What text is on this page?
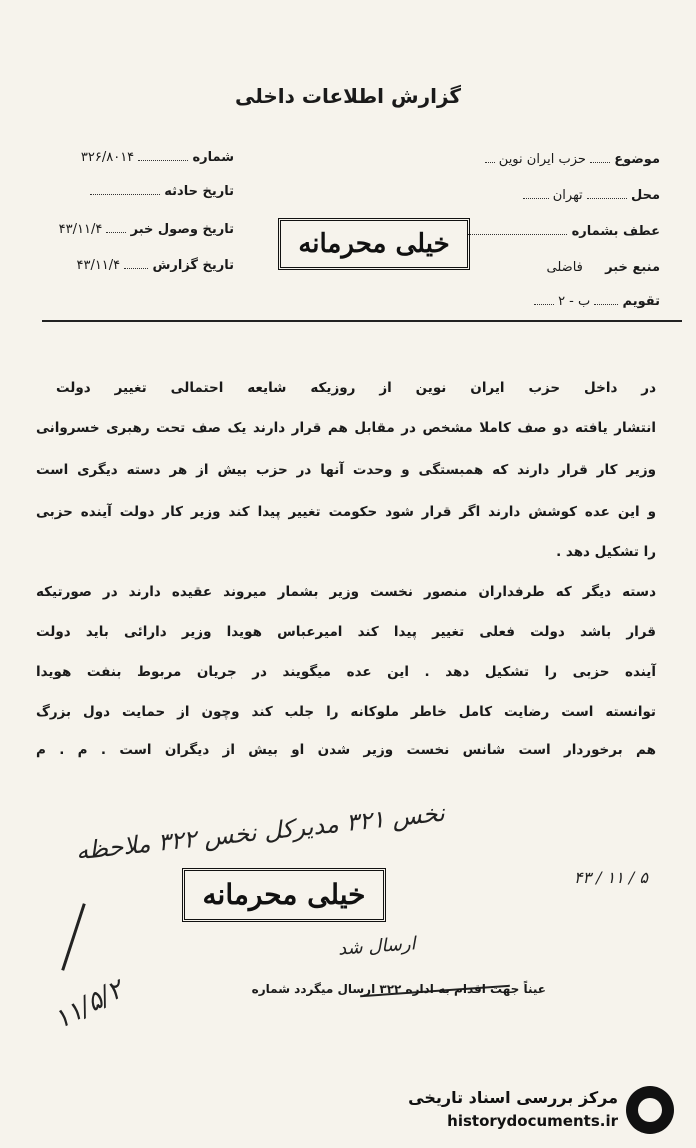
گزارش اطلاعات داخلی
موضوع  حزب ایران نوین
محل  تهران
عطف بشماره
منبع خبر  فاضلی
تقویم  ب - ۲
شماره  ۳۲۶/۸۰۱۴
تاریخ حادثه
تاریخ وصول خبر  ۴۳/۱۱/۴
تاریخ گزارش  ۴۳/۱۱/۴
خیلی محرمانه

در داخل حزب ایران نوین از روزیکه شایعه احتمالی تغییر دولت

انتشار یافته دو صف کاملا مشخص در مقابل هم قرار دارند یک صف تحت رهبری خسروانی

وزیر کار قرار دارند که همبستگی و وحدت آنها در حزب بیش از هر دسته دیگری است

و این عده کوشش دارند اگر قرار شود حکومت تغییر پیدا کند وزیر کار دولت آینده حزبی

را تشکیل دهد .

دسته دیگر که طرفداران منصور نخست وزیر بشمار میروند عقیده دارند در صورتیکه

قرار باشد دولت فعلی تغییر پیدا کند امیرعباس هویدا وزیر دارائی باید دولت

آینده حزبی را تشکیل دهد . این عده میگویند در جریان مربوط بنفت هویدا

توانسته است رضایت کامل خاطر ملوکانه را جلب کند وچون از حمایت دول بزرگ

هم برخوردار است شانس نخست وزیر شدن او بیش از دیگران است . م . م

نخس ۳۲۱ مدیرکل نخس ۳۲۲ ملاحظه
۵ / ۱۱ / ۴۳
ارسال شد
۱۱/۵/۲
خیلی محرمانه
عیناً جهت اقدام به اداره ۳۲۲ ارسال میگردد شماره
مرکز بررسی اسناد تاریخی
historydocuments.ir
